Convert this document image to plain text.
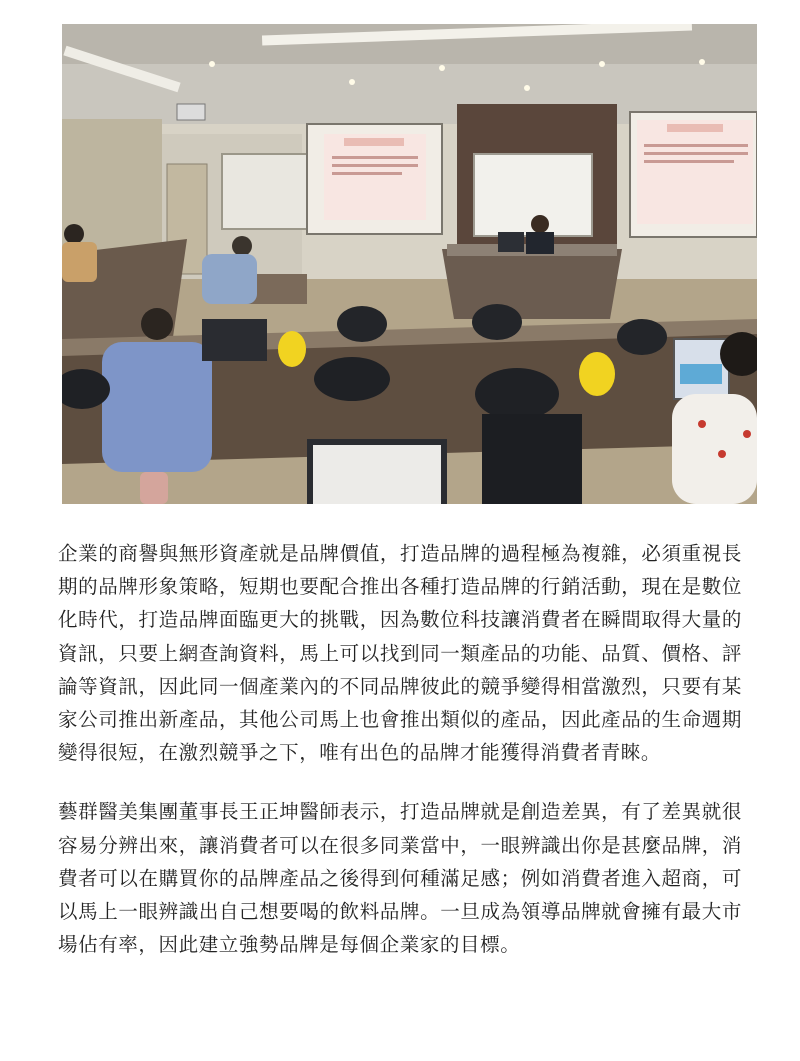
企業的商譽與無形資產就是品牌價值，打造品牌的過程極為複雜，必須重視長期的品牌形象策略，短期也要配合推出各種打造品牌的行銷活動，現在是數位化時代，打造品牌面臨更大的挑戰，因為數位科技讓消費者在瞬間取得大量的資訊，只要上網查詢資料，馬上可以找到同一類產品的功能、品質、價格、評論等資訊，因此同一個產業內的不同品牌彼此的競爭變得相當激烈，只要有某家公司推出新產品，其他公司馬上也會推出類似的產品，因此產品的生命週期變得很短，在激烈競爭之下，唯有出色的品牌才能獲得消費者青睞。

藝群醫美集團董事長王正坤醫師表示，打造品牌就是創造差異，有了差異就很容易分辨出來，讓消費者可以在很多同業當中，一眼辨識出你是甚麼品牌，消費者可以在購買你的品牌產品之後得到何種滿足感；例如消費者進入超商，可以馬上一眼辨識出自己想要喝的飲料品牌。一旦成為領導品牌就會擁有最大市場佔有率，因此建立強勢品牌是每個企業家的目標。
